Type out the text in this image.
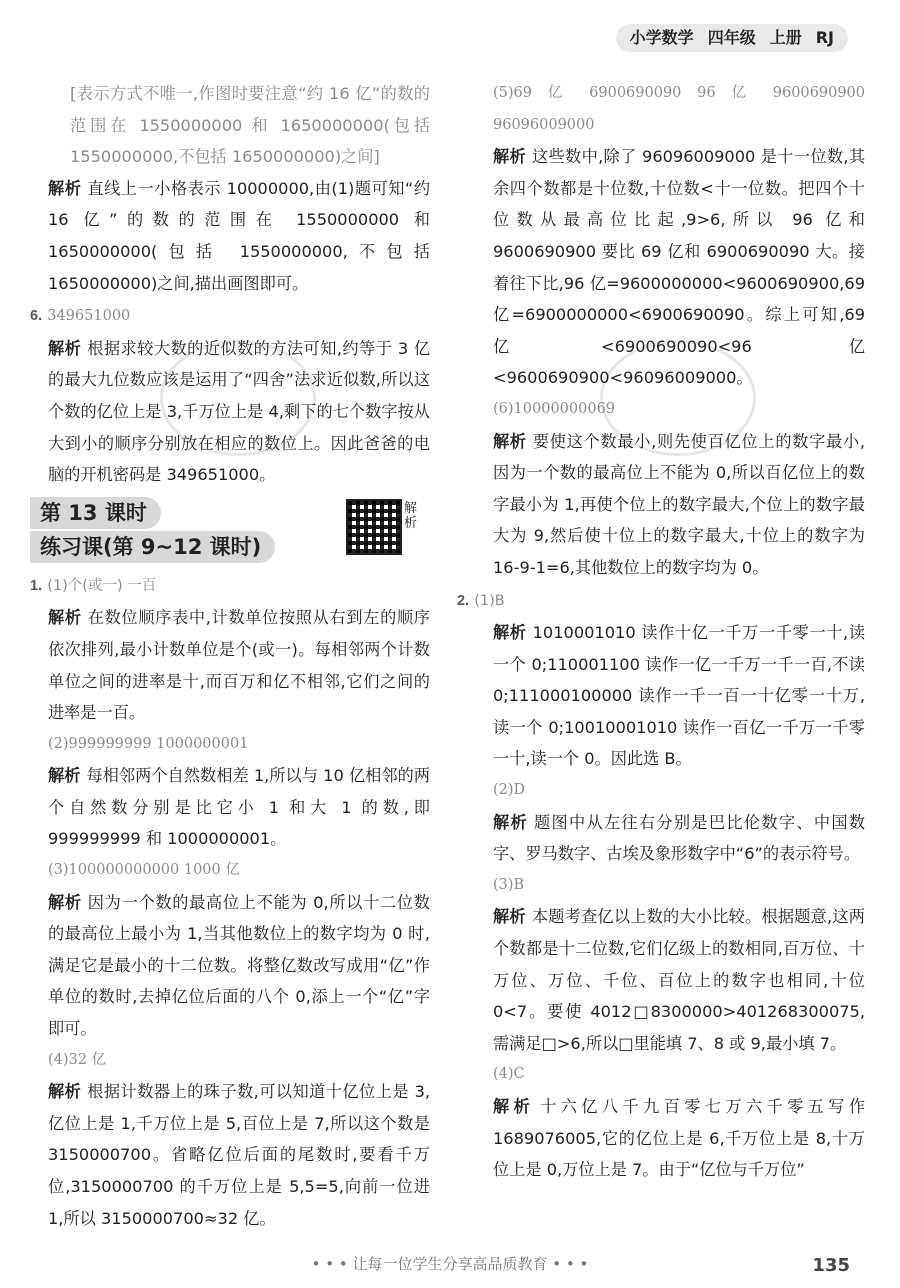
小学数学 四年级 上册 RJ

[表示方式不唯一,作图时要注意“约 16 亿”的数的范围在 1550000000 和 1650000000(包括 1550000000,不包括 1650000000)之间]

解析 直线上一小格表示 10000000,由(1)题可知“约 16 亿”的数的范围在 1550000000 和 1650000000(包括 1550000000,不包括 1650000000)之间,描出画图即可。

6. 349651000

解析 根据求较大数的近似数的方法可知,约等于 3 亿的最大九位数应该是运用了“四舍”法求近似数,所以这个数的亿位上是 3,千万位上是 4,剩下的七个数字按从大到小的顺序分别放在相应的数位上。因此爸爸的电脑的开机密码是 349651000。

第 13 课时
练习课(第 9~12 课时)
解析

1. (1)个(或一) 一百

解析 在数位顺序表中,计数单位按照从右到左的顺序依次排列,最小计数单位是个(或一)。每相邻两个计数单位之间的进率是十,而百万和亿不相邻,它们之间的进率是一百。

(2)999999999 1000000001

解析 每相邻两个自然数相差 1,所以与 10 亿相邻的两个自然数分别是比它小 1 和大 1 的数,即 999999999 和 1000000001。

(3)100000000000 1000 亿

解析 因为一个数的最高位上不能为 0,所以十二位数的最高位上最小为 1,当其他数位上的数字均为 0 时,满足它是最小的十二位数。将整亿数改写成用“亿”作单位的数时,去掉亿位后面的八个 0,添上一个“亿”字即可。

(4)32 亿

解析 根据计数器上的珠子数,可以知道十亿位上是 3,亿位上是 1,千万位上是 5,百位上是 7,所以这个数是 3150000700。省略亿位后面的尾数时,要看千万位,3150000700 的千万位上是 5,5=5,向前一位进 1,所以 3150000700≈32 亿。

(5)69 亿 6900690090 96 亿 9600690900 96096009000

解析 这些数中,除了 96096009000 是十一位数,其余四个数都是十位数,十位数<十一位数。把四个十位数从最高位比起,9>6,所以 96 亿和 9600690900 要比 69 亿和 6900690090 大。接着往下比,96 亿=9600000000<9600690900,69 亿=6900000000<6900690090。综上可知,69 亿<6900690090<96 亿<9600690900<96096009000。

(6)10000000069

解析 要使这个数最小,则先使百亿位上的数字最小,因为一个数的最高位上不能为 0,所以百亿位上的数字最小为 1,再使个位上的数字最大,个位上的数字最大为 9,然后使十位上的数字最大,十位上的数字为 16-9-1=6,其他数位上的数字均为 0。

2. (1)B

解析 1010001010 读作十亿一千万一千零一十,读一个 0;110001100 读作一亿一千万一千一百,不读 0;111000100000 读作一千一百一十亿零一十万,读一个 0;10010001010 读作一百亿一千万一千零一十,读一个 0。因此选 B。

(2)D

解析 题图中从左往右分别是巴比伦数字、中国数字、罗马数字、古埃及象形数字中“6”的表示符号。

(3)B

解析 本题考查亿以上数的大小比较。根据题意,这两个数都是十二位数,它们亿级上的数相同,百万位、十万位、万位、千位、百位上的数字也相同,十位 0<7。要使 4012□8300000>401268300075,需满足□>6,所以□里能填 7、8 或 9,最小填 7。

(4)C

解析 十六亿八千九百零七万六千零五写作 1689076005,它的亿位上是 6,千万位上是 8,十万位上是 0,万位上是 7。由于“亿位与千万位”

• • • 让每一位学生分享高品质教育 • • •	135
